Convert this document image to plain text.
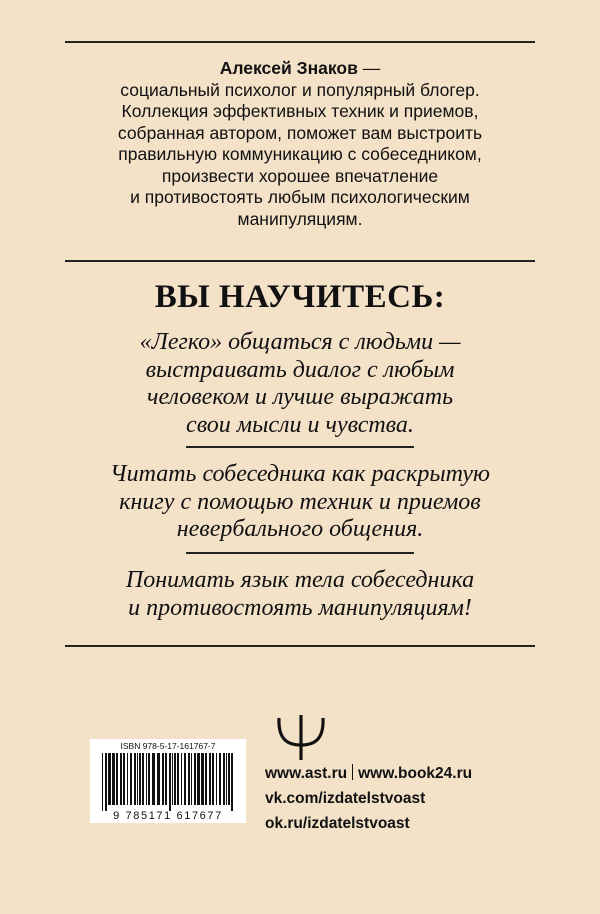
Алексей Знаков —
социальный психолог и популярный блогер.
Коллекция эффективных техник и приемов,
собранная автором, поможет вам выстроить
правильную коммуникацию с собеседником,
произвести хорошее впечатление
и противостоять любым психологическим
манипуляциям.
ВЫ НАУЧИТЕСЬ:
«Легко» общаться с людьми —
выстраивать диалог с любым
человеком и лучше выражать
свои мысли и чувства.
Читать собеседника как раскрытую
книгу с помощью техник и приемов
невербального общения.
Понимать язык тела собеседника
и противостоять манипуляциям!
ISBN 978-5-17-161767-7
9 785171 617677
www.ast.ru www.book24.ru
vk.com/izdatelstvoast
ok.ru/izdatelstvoast
